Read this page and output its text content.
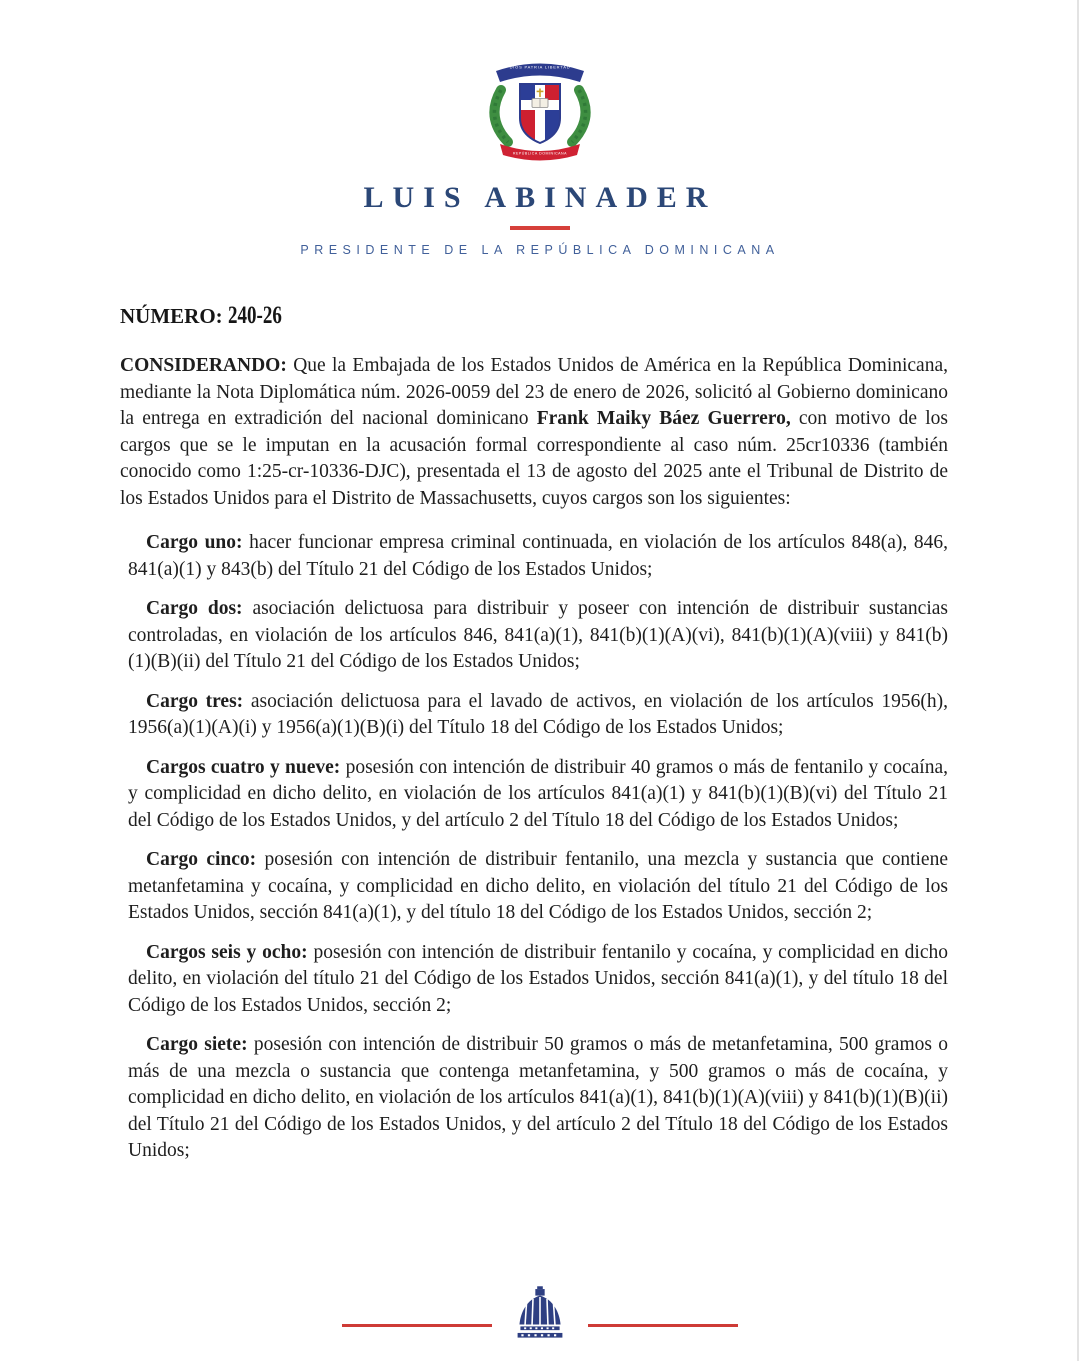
DIOS PATRIA LIBERTAD
REPÚBLICA DOMINICANA
LUIS ABINADER
PRESIDENTE DE LA REPÚBLICA DOMINICANA
NÚMERO: 240-26

CONSIDERANDO: Que la Embajada de los Estados Unidos de América en la República Dominicana, mediante la Nota Diplomática núm. 2026-0059 del 23 de enero de 2026, solicitó al Gobierno dominicano la entrega en extradición del nacional dominicano Frank Maiky Báez Guerrero, con motivo de los cargos que se le imputan en la acusación formal correspondiente al caso núm. 25cr10336 (también conocido como 1:25-cr-10336-DJC), presentada el 13 de agosto del 2025 ante el Tribunal de Distrito de los Estados Unidos para el Distrito de Massachusetts, cuyos cargos son los siguientes:

Cargo uno: hacer funcionar empresa criminal continuada, en violación de los artículos 848(a), 846, 841(a)(1) y 843(b) del Título 21 del Código de los Estados Unidos;

Cargo dos: asociación delictuosa para distribuir y poseer con intención de distribuir sustancias controladas, en violación de los artículos 846, 841(a)(1), 841(b)(1)(A)(vi), 841(b)(1)(A)(viii) y 841(b)(1)(B)(ii) del Título 21 del Código de los Estados Unidos;

Cargo tres: asociación delictuosa para el lavado de activos, en violación de los artículos 1956(h), 1956(a)(1)(A)(i) y 1956(a)(1)(B)(i) del Título 18 del Código de los Estados Unidos;

Cargos cuatro y nueve: posesión con intención de distribuir 40 gramos o más de fentanilo y cocaína, y complicidad en dicho delito, en violación de los artículos 841(a)(1) y 841(b)(1)(B)(vi) del Título 21 del Código de los Estados Unidos, y del artículo 2 del Título 18 del Código de los Estados Unidos;

Cargo cinco: posesión con intención de distribuir fentanilo, una mezcla y sustancia que contiene metanfetamina y cocaína, y complicidad en dicho delito, en violación del título 21 del Código de los Estados Unidos, sección 841(a)(1), y del título 18 del Código de los Estados Unidos, sección 2;

Cargos seis y ocho: posesión con intención de distribuir fentanilo y cocaína, y complicidad en dicho delito, en violación del título 21 del Código de los Estados Unidos, sección 841(a)(1), y del título 18 del Código de los Estados Unidos, sección 2;

Cargo siete: posesión con intención de distribuir 50 gramos o más de metanfetamina, 500 gramos o más de una mezcla o sustancia que contenga metanfetamina, y 500 gramos o más de cocaína, y complicidad en dicho delito, en violación de los artículos 841(a)(1), 841(b)(1)(A)(viii) y 841(b)(1)(B)(ii) del Título 21 del Código de los Estados Unidos, y del artículo 2 del Título 18 del Código de los Estados Unidos;
